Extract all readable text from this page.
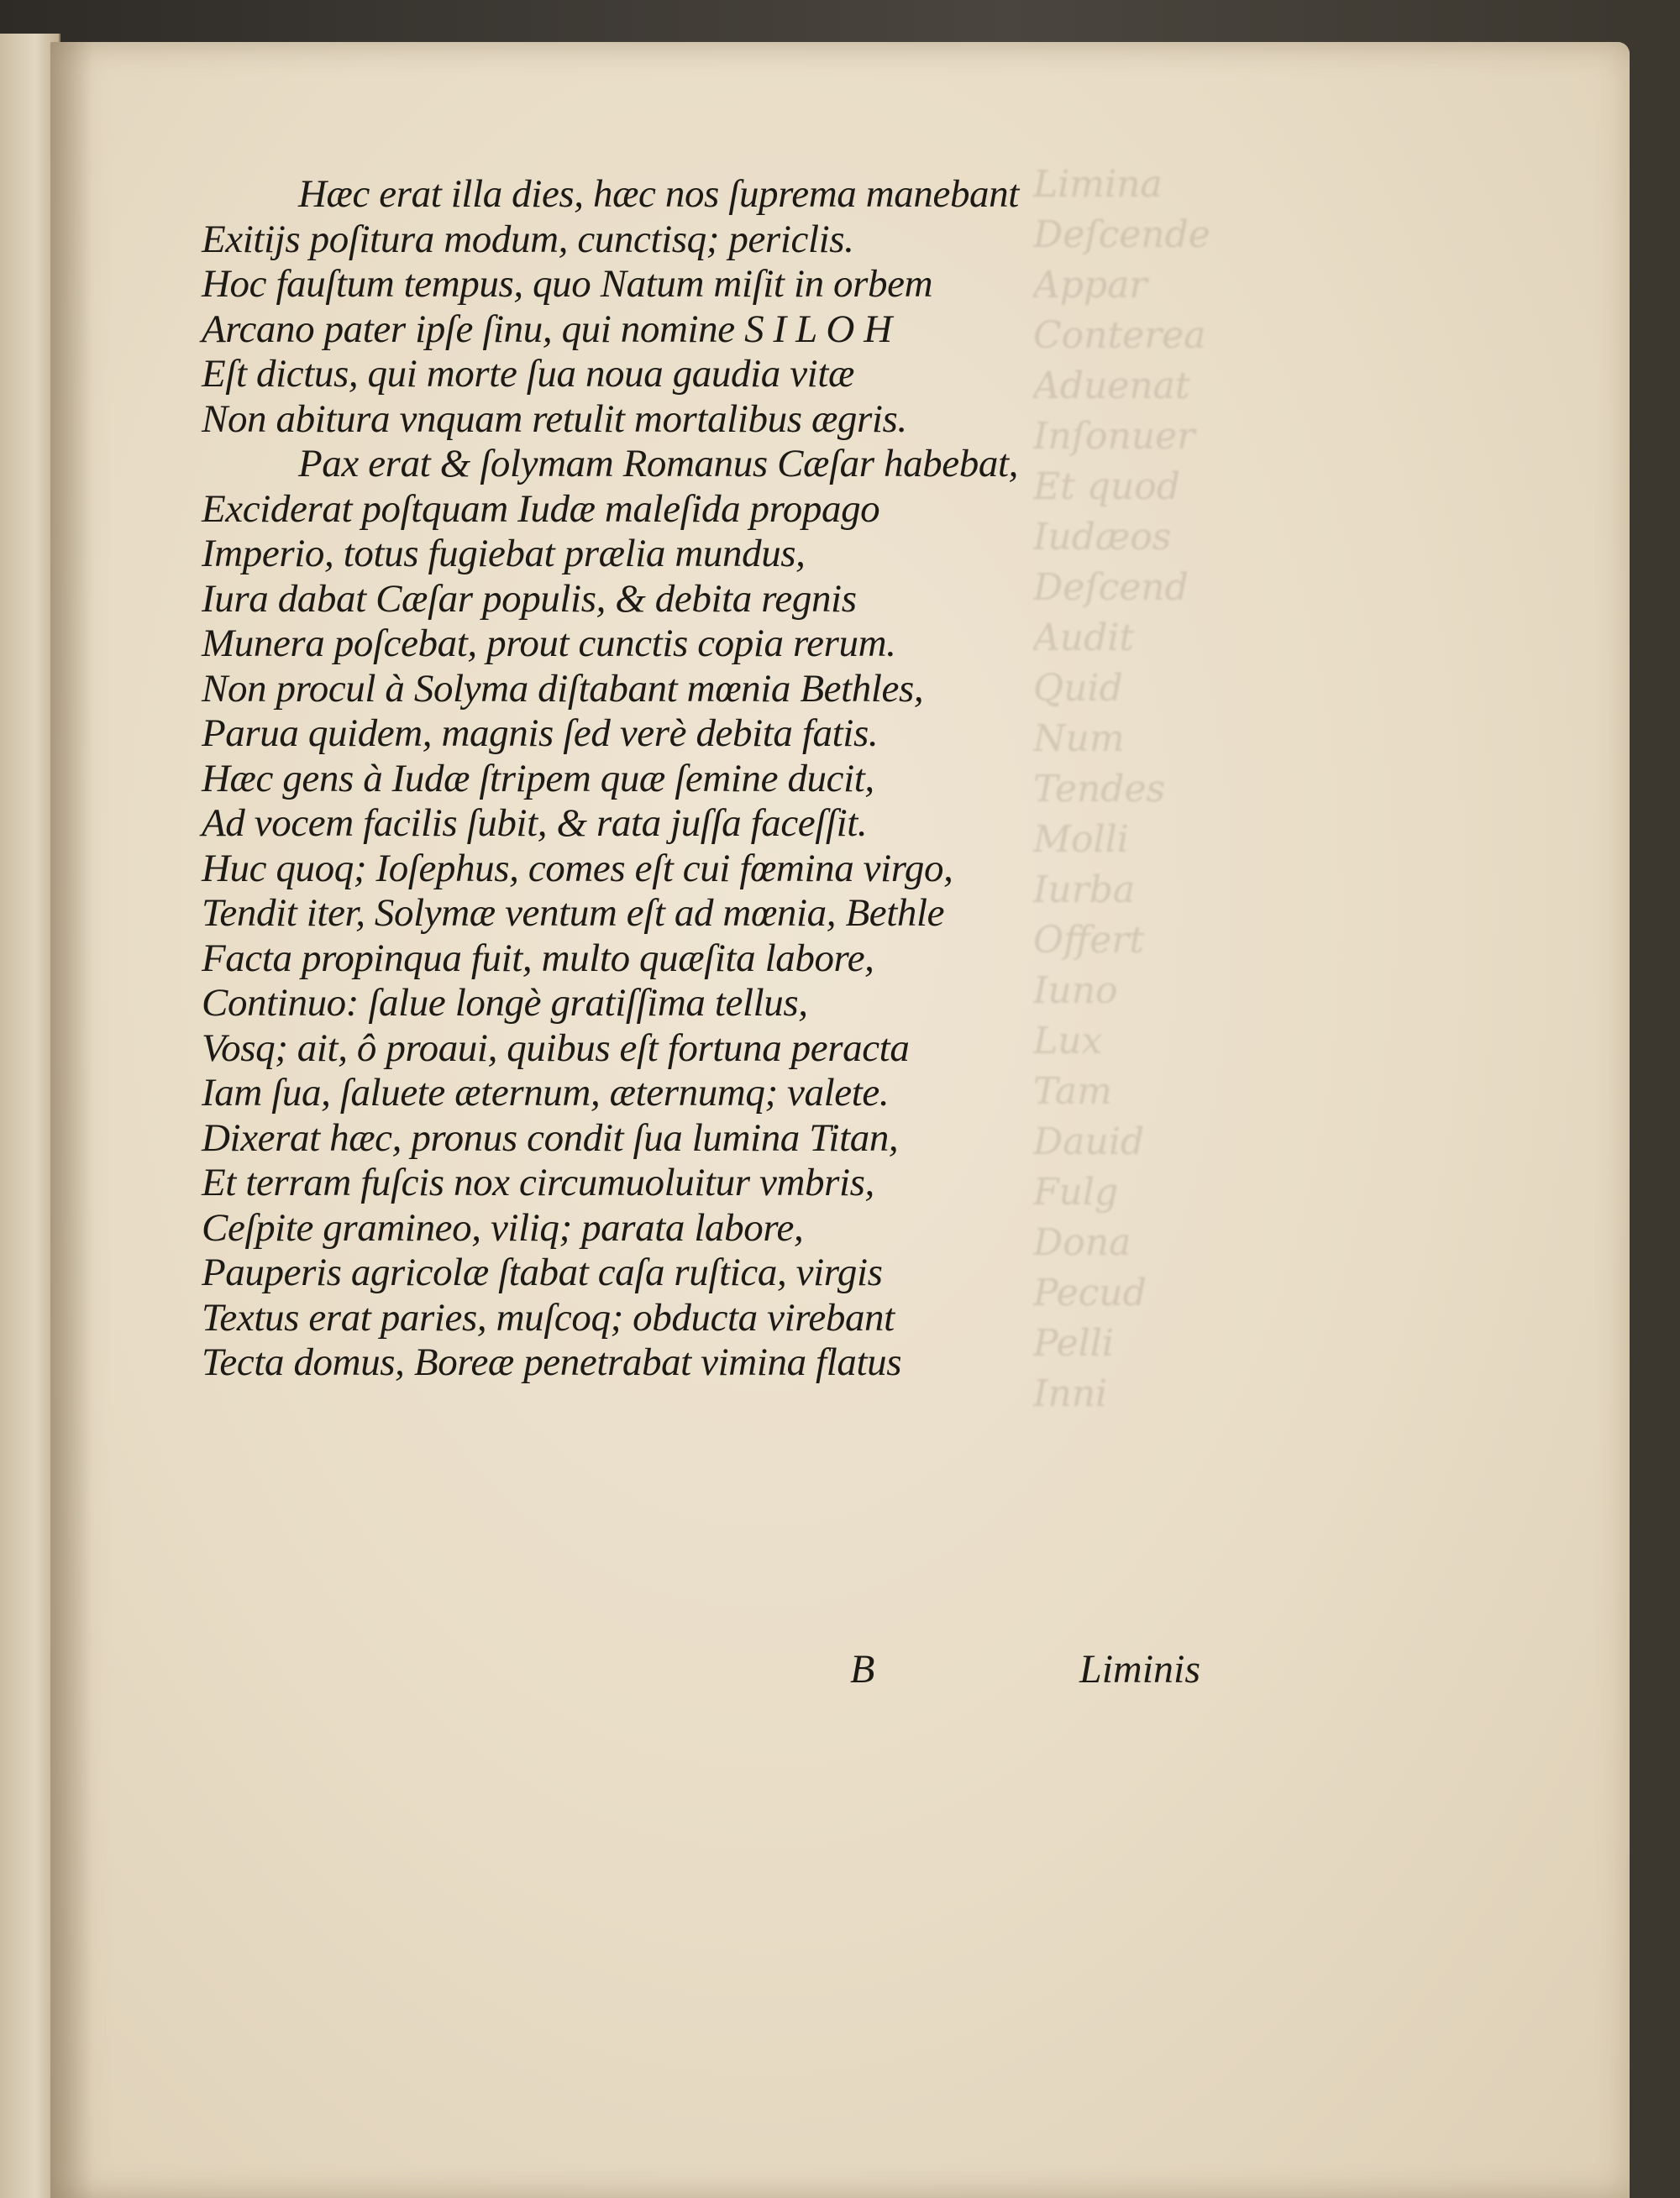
Limina
Deſcende
Appar
Conterea
Aduenat
Inſonuer
Et quod
Iudæos
Deſcend
Audit
Quid
Num
Tendes
Molli
Iurba
Offert
Iuno
Lux
Tam
Dauid
Fulg
Dona
Pecud
Pelli
Inni
Hæc erat illa dies, hæc nos ſuprema manebant
Exitijs poſitura modum, cunctisq; periclis.
Hoc fauſtum tempus, quo Natum miſit in orbem
Arcano pater ipſe ſinu, qui nomine S I L O H
Eſt dictus, qui morte ſua noua gaudia vitæ
Non abitura vnquam retulit mortalibus ægris.
Pax erat & ſolymam Romanus Cæſar habebat,
Exciderat poſtquam Iudæ maleſida propago
Imperio, totus fugiebat prælia mundus,
Iura dabat Cæſar populis, & debita regnis
Munera poſcebat, prout cunctis copia rerum.
Non procul à Solyma diſtabant mœnia Bethles,
Parua quidem, magnis ſed verè debita fatis.
Hæc gens à Iudæ ſtripem quæ ſemine ducit,
Ad vocem facilis ſubit, & rata juſſa faceſſit.
Huc quoq; Ioſephus, comes eſt cui fœmina virgo,
Tendit iter, Solymæ ventum eſt ad mœnia, Bethle
Facta propinqua fuit, multo quæſita labore,
Continuo: ſalue longè gratiſſima tellus,
Vosq; ait, ô proaui, quibus eſt fortuna peracta
Iam ſua, ſaluete æternum, æternumq; valete.
Dixerat hæc, pronus condit ſua lumina Titan,
Et terram fuſcis nox circumuoluitur vmbris,
Ceſpite gramineo, viliq; parata labore,
Pauperis agricolæ ſtabat caſa ruſtica, virgis
Textus erat paries, muſcoq; obducta virebant
Tecta domus, Boreæ penetrabat vimina flatus
B	Liminis
